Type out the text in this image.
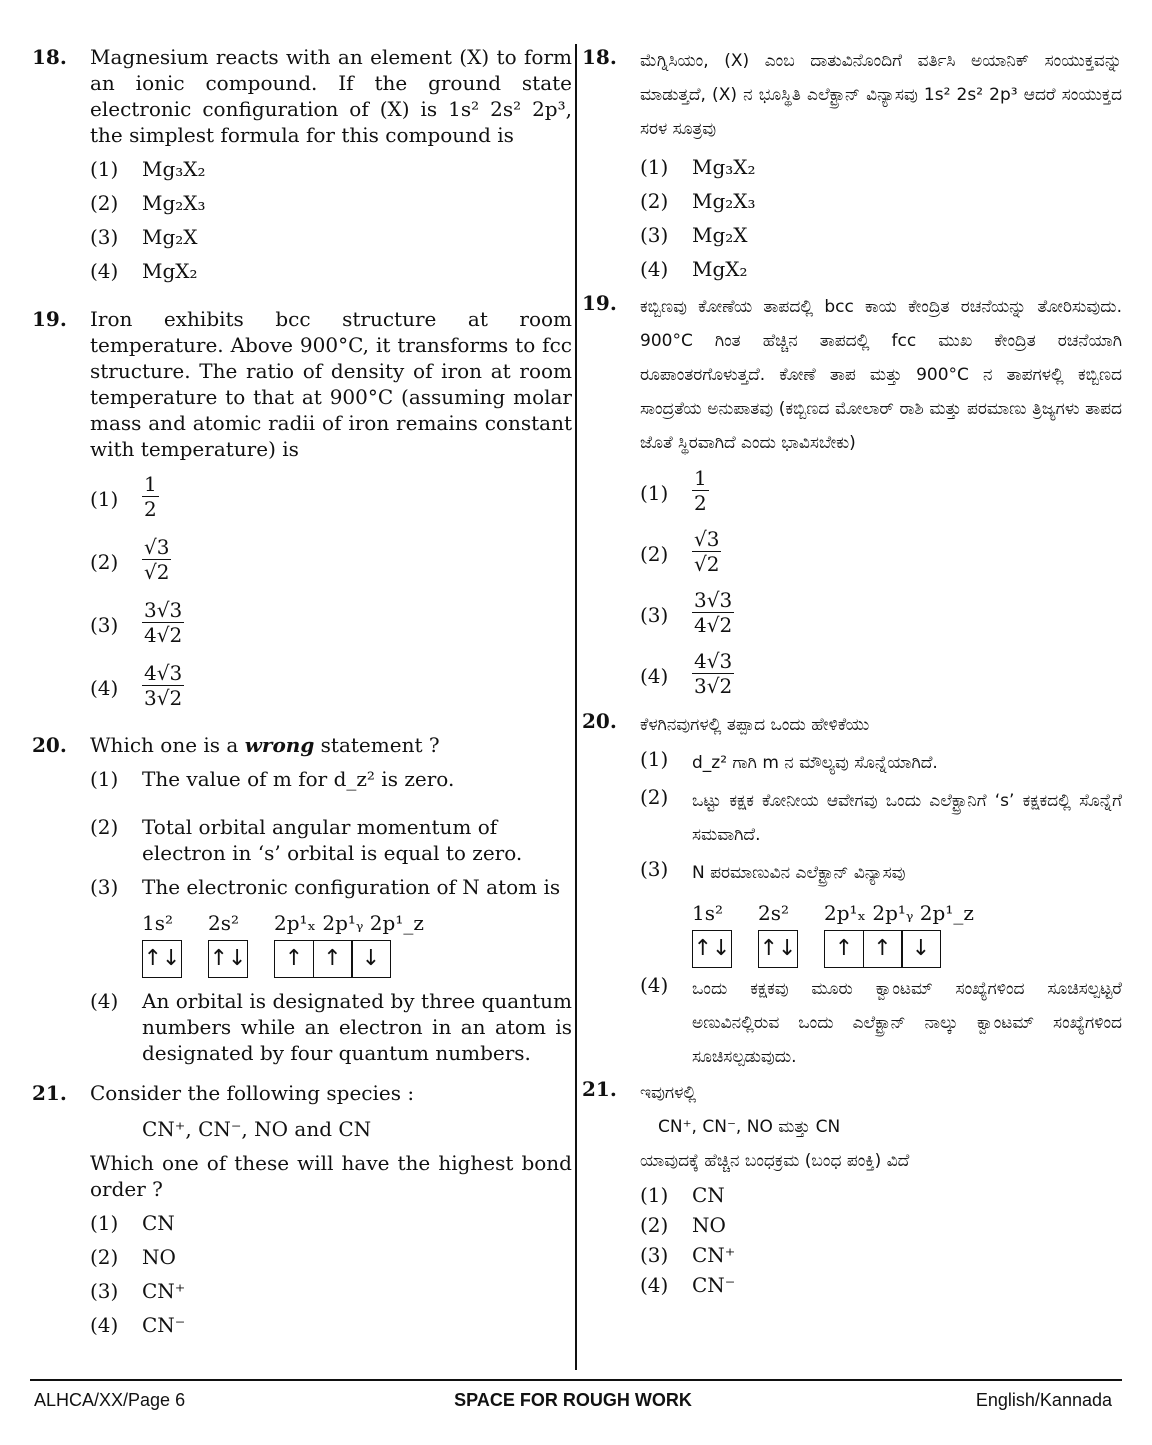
18. Magnesium reacts with an element (X) to form an ionic compound. If the ground state electronic configuration of (X) is 1s² 2s² 2p³, the simplest formula for this compound is
(1) Mg₃X₂
(2) Mg₂X₃
(3) Mg₂X
(4) MgX₂
19. Iron exhibits bcc structure at room temperature. Above 900°C, it transforms to fcc structure. The ratio of density of iron at room temperature to that at 900°C (assuming molar mass and atomic radii of iron remains constant with temperature) is
$(1) \frac{1}{2}$
$(2) \frac{√3}{√2}$
$(3) \frac{3√3}{4√2}$
$(4) \frac{4√3}{3√2}$
20. Which one is a wrong statement ?
(1) The value of m for d_z² is zero.
(2) Total orbital angular momentum of electron in ‘s’ orbital is equal to zero.
(3) The electronic configuration of N atom is
1s²
↑↓
2s²
↑↓
2p¹ₓ 2p¹ᵧ 2p¹_z
↑ ↑ ↓
(4) An orbital is designated by three quantum numbers while an electron in an atom is designated by four quantum numbers.
21. Consider the following species :
CN⁺, CN⁻, NO and CN
Which one of these will have the highest bond order ?
(1) CN
(2) NO
(3) CN⁺
(4) CN⁻
18. ಮೆಗ್ನಿಸಿಯಂ, (X) ಎಂಬ ದಾತುವಿನೊಂದಿಗೆ ವರ್ತಿಸಿ ಅಯಾನಿಕ್ ಸಂಯುಕ್ತವನ್ನು ಮಾಡುತ್ತದೆ, (X) ನ ಭೂಸ್ಥಿತಿ ಎಲೆಕ್ಟ್ರಾನ್ ವಿನ್ಯಾಸವು 1s² 2s² 2p³ ಆದರೆ ಸಂಯುಕ್ತದ ಸರಳ ಸೂತ್ರವು
(1) Mg₃X₂
(2) Mg₂X₃
(3) Mg₂X
(4) MgX₂
19. ಕಬ್ಬಿಣವು ಕೋಣೆಯ ತಾಪದಲ್ಲಿ bcc ಕಾಯ ಕೇಂದ್ರಿತ ರಚನೆಯನ್ನು ತೋರಿಸುವುದು. 900°C ಗಿಂತ ಹೆಚ್ಚಿನ ತಾಪದಲ್ಲಿ fcc ಮುಖ ಕೇಂದ್ರಿತ ರಚನೆಯಾಗಿ ರೂಪಾಂತರಗೊಳುತ್ತದೆ. ಕೋಣೆ ತಾಪ ಮತ್ತು 900°C ನ ತಾಪಗಳಲ್ಲಿ ಕಬ್ಬಿಣದ ಸಾಂದ್ರತೆಯ ಅನುಪಾತವು (ಕಬ್ಬಿಣದ ಮೋಲಾರ್ ರಾಶಿ ಮತ್ತು ಪರಮಾಣು ತ್ರಿಜ್ಯಗಳು ತಾಪದ ಜೊತೆ ಸ್ಥಿರವಾಗಿದೆ ಎಂದು ಭಾವಿಸಬೇಕು)
$(1) \frac{1}{2}$
$(2) \frac{√3}{√2}$
$(3) \frac{3√3}{4√2}$
$(4) \frac{4√3}{3√2}$
20. ಕೆಳಗಿನವುಗಳಲ್ಲಿ ತಪ್ಪಾದ ಒಂದು ಹೇಳಿಕೆಯು
(1) d_z² ಗಾಗಿ m ನ ಮೌಲ್ಯವು ಸೊನ್ನೆಯಾಗಿದೆ.
(2) ಒಟ್ಟು ಕಕ್ಷಕ ಕೋನೀಯ ಆವೇಗವು ಒಂದು ಎಲೆಕ್ಟ್ರಾನಿಗೆ ‘s’ ಕಕ್ಷಕದಲ್ಲಿ ಸೊನ್ನೆಗೆ ಸಮವಾಗಿದೆ.
(3) N ಪರಮಾಣುವಿನ ಎಲೆಕ್ಟ್ರಾನ್ ವಿನ್ಯಾಸವು
1s²
↑↓
2s²
↑↓
2p¹ₓ 2p¹ᵧ 2p¹_z
↑ ↑ ↓
(4) ಒಂದು ಕಕ್ಷಕವು ಮೂರು ಕ್ವಾಂಟಮ್ ಸಂಖ್ಯೆಗಳಿಂದ ಸೂಚಿಸಲ್ಪಟ್ಟರೆ ಅಣುವಿನಲ್ಲಿರುವ ಒಂದು ಎಲೆಕ್ಟ್ರಾನ್ ನಾಲ್ಕು ಕ್ವಾಂಟಮ್ ಸಂಖ್ಯೆಗಳಿಂದ ಸೂಚಿಸಲ್ಪಡುವುದು.
21. ಇವುಗಳಲ್ಲಿ
CN⁺, CN⁻, NO ಮತ್ತು CN
ಯಾವುದಕ್ಕೆ ಹೆಚ್ಚಿನ ಬಂಧಕ್ರಮ (ಬಂಧ ಪಂಕ್ತಿ) ವಿದೆ
(1) CN
(2) NO
(3) CN⁺
(4) CN⁻
ALHCA/XX/Page 6	SPACE FOR ROUGH WORK	English/Kannada
